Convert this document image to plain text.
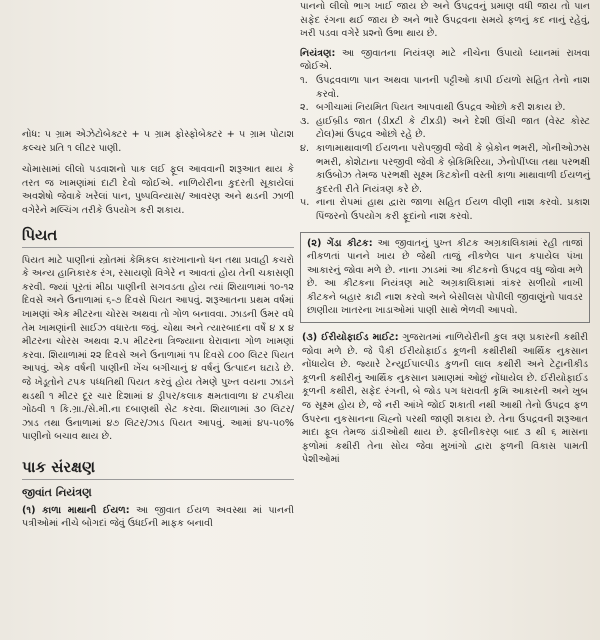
નોધ: ૫ ગ્રામ એઝેટોબેક્ટર + ૫ ગ્રામ ફોસ્ફોબેક્ટર + ૫ ગ્રામ પોટાશ કલ્ચર પ્રતિ ૧ લીટર પાણી.

ચોમાસામાં લીલો પડવાશનો પાક લઈ ફૂલ આવવાની શરૂઆત થાય કે તરત જ ખામણાંમાં દાટી દેવો જોઈએ. નાળિયેરીના કુદરતી સૂકાયેલાં અવશેષો જેવાકે ખરેલાં પાન, પુષ્પવિન્યાસ/ આવરણ અને થડની ઝાળી વગેરેને મલ્ચિંગ તરીકે ઉપયોગ કરી શકાય.

પિયત

પિયત માટે પાણીનાં સ્ત્રોતમાં કેમિકલ કારખાનાનો ધન તથા પ્રવાહી કચરો કે અન્ય હાનિકારક રંગ, રસાયણો વિગેરે ન આવતાં હોય તેની ચકાસણી કરવી. જ્યાં પૂરતાં મીઠા પાણીની સગવડતા હોય ત્યાં શિયાળામાં ૧૦-૧૨ દિવસે અને ઉનાળામાં ૬-૭ દિવસે પિયત આપવું. શરૂઆતના પ્રથમ વર્ષમાં ખામણાં એક મીટરના ચોરસ અથવા તો ગોળ બનાવવા. ઝાડની ઉમર વધે તેમ ખામણાંની સાઈઝ વધારતા જવું. ચોથા અને ત્યારબાદના વર્ષે ૪ x ૪ મીટરના ચોરસ અથવા ૨.૫ મીટરના ત્રિજ્યાના ઘેરાવાના ગોળ ખામણાં કરવા. શિયાળામાં ૨૨ દિવસે અને ઉનાળામાં ૧૫ દિવસે ૮૦૦ લિટર પિયત આપવું. એક વર્ષની પાણીની ખેંચ બગીચાનું ૪ વર્ષનું ઉત્પાદન ઘટાડે છે. જે ખેડૂતોને ટપક પધ્ધતિથી પિયત કરવું હોય તેમણે પુખ્ત વયના ઝાડને થડથી ૧ મીટર દૂર ચાર દિશામાં ૪ ડ્રીપર/કલાક ક્ષમતાવાળા ૪ ટપકીયા ગોઠવી ૧ કિ.ગ્રા./સે.મી.ના દબાણથી સેટ કરવા. શિયાળામાં ૩૦ લિટર/ઝાડ તથા ઉનાળામાં ૪૭ લિટર/ઝાડ પિયત આપવું. આમાં ૪૫-૫૦% પાણીનો બચાવ થાય છે.

પાક સંરક્ષણ
જીવાંત નિયંત્રણ

(૧) કાળા માથાની ઈયળ: આ જીવાત ઈયળ અવસ્થા માં પાનની પત્રીઓમાં નીચે બોગદાં જેવું ઉધઈની માફક બનાવી

પાનનો લીલો ભાગ ખાઈ જાય છે અને ઉપદ્રવનું પ્રમાણ વધી જાય તો પાન સફેદ રંગના થઈ જાય છે અને ભારે ઉપદ્રવના સમયે ફળનું કદ નાનું રહેવું, ખરી પડવા વગેરે પ્રશ્નો ઉભા થાય છે.

નિયંત્રણ: આ જીવાતના નિયંત્રણ માટે નીચેના ઉપાયો ધ્યાનમાં રાખવા જોઈએ.

૧. ઉપદ્રવવાળા પાન અથવા પાનની પટ્ટીઓ કાપી ઈયળો સહિત તેનો નાશ કરવો.
૨. બગીચામાં નિયમિત પિયત આપવાથી ઉપદ્રવ ઓછો કરી શકાય છે.
૩. હાઈબ્રીડ જાત (ડીxટી કે ટીxડી) અને દેશી ઊંચી જાત (વેસ્ટ કોસ્ટ ટોલ)માં ઉપદ્રવ ઓછો રહે છે.
૪. કાળામાથાવાળી ઈયળના પરોપજીવી જેવી કે બ્રેકોન ભમરી, ગોનીઓઝસ ભમરી, કોશેટાના પરજીવી જેવી કે બ્રેકિમિરિયા, ઝેનોપીંપ્લા તથા પરભક્ષી કાઉબોઝ તેમજ પરભક્ષી સૂક્ષ્મ કિટકોની વસ્તી કાળા માથાવાળી ઈયળનું કુદરતી રીતે નિયંત્રણ કરે છે.
૫. નાના રોપમાં હાથ દ્વારા જાળા સહિત ઈયળ વીણી નાશ કરવો. પ્રકાશ પિંજરનો ઉપયોગ કરી ફૂદાંનો નાશ કરવો.

(૨) ગેંડા કીટક: આ જીવાતનું પુખ્ત કીટક અગ્રકાલિકામાં રહી તાજાં નીકળતાં પાનને ખાય છે જેથી તાજું નીકળેલ પાન કપાયેલ પંખા આકારનું જોવા મળે છે. નાના ઝાડમાં આ કીટકનો ઉપદ્રવ વધુ જોવા મળે છે. આ કીટકના નિયંત્રણ માટે અગ્રકાલિકામાં ત્રાંકર સળીયો નાખી કીટકને બહાર કાઢી નાશ કરવો અને બેસીલસ પોપીલી જીવાણુંનો પાવડર છાણીયા ખાતરના ખાડાઓમાં પાણી સાથે ભેળવી આપવો.

(૩) ઈરીયોફાઈડ માઈટ: ગુજરાતમાં નાળિયેરીની કુલ ત્રણ પ્રકારની કથીરી જોવા મળે છે. જે પૈકી ઈરીયોફાઈડ કૂળની કથીરીથી આર્થિક નુકસાન નોંધાયેલ છે. જ્યારે ટેન્યુઈપાલ્પીડ કુળની લાલ કથીરી અને ટેટ્રાનીકીડ કૂળની કથીરીનું આર્થિક નુકસાન પ્રમાણમાં ઓછું નોંધાયેલ છે. ઈરીયોફાઈડ કૂળની કથીરી, સફેદ રંગની, બે જોડ પગ ધરાવતી કૃમિ આકારની અને ખુબ જ સૂક્ષ્મ હોય છે, જે નરી આંખે જોઈ શકાતી નથી આથી તેનો ઉપદ્રવ ફળ ઉપરના નુકસાનના ચિહ્નો પરથી જાણી શકાય છે. તેના ઉપદ્રવની શરૂઆત માદા ફૂલ તેમજ ડાંડીઓથી થાય છે. ફલીનીકરણ બાદ ૩ થી ૬ માસના ફળોમાં કથીરી તેના સોય જેવા મુખાંગો દ્વારા ફળની વિકાસ પામતી પેશીઓમાં
